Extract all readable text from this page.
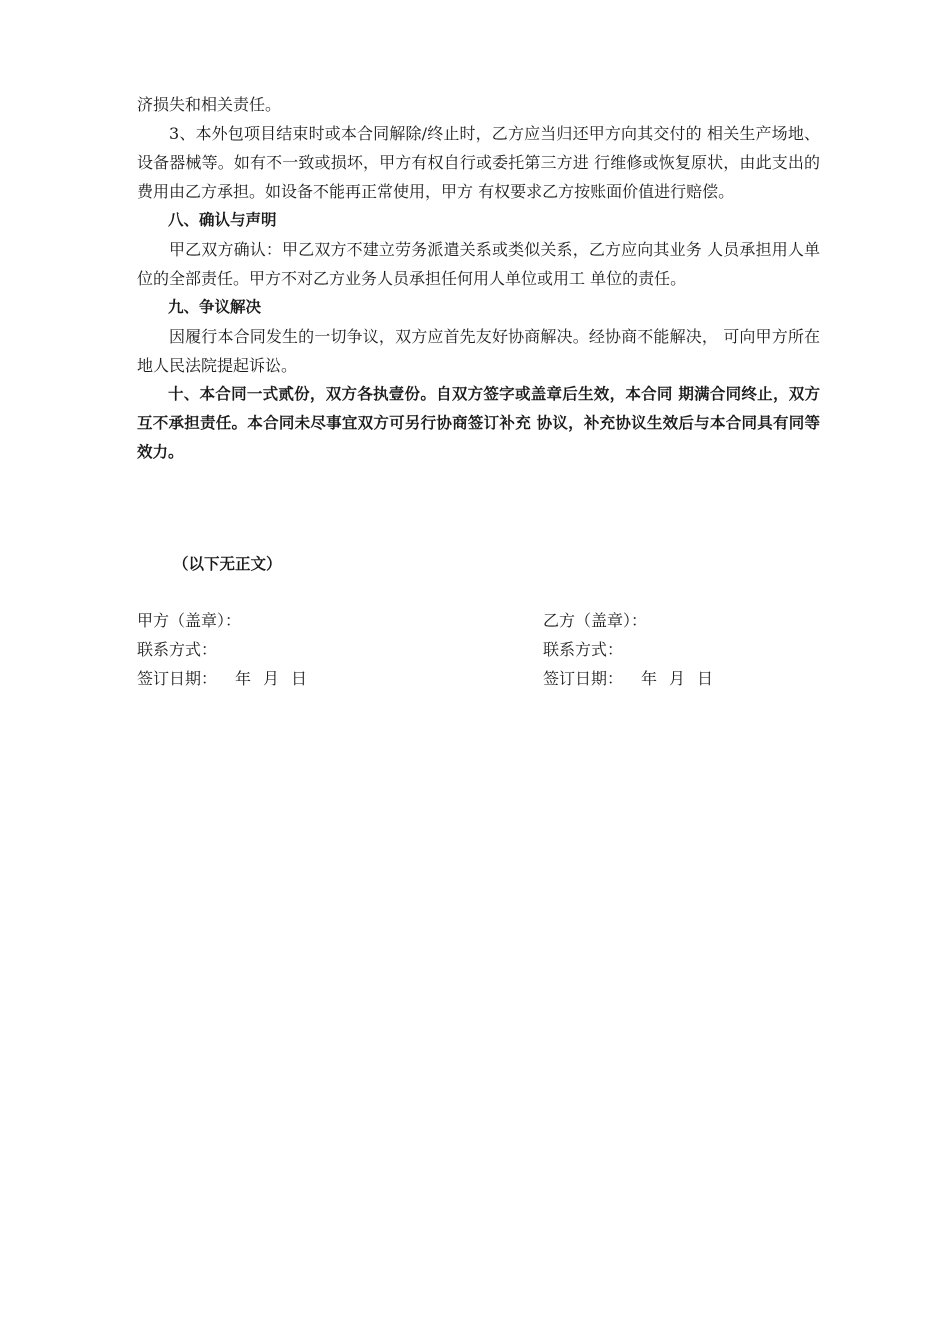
济损失和相关责任。

3、本外包项目结束时或本合同解除/终止时，乙方应当归还甲方向其交付的 相关生产场地、设备器械等。如有不一致或损坏，甲方有权自行或委托第三方进 行维修或恢复原状，由此支出的费用由乙方承担。如设备不能再正常使用，甲方 有权要求乙方按账面价值进行赔偿。

八、确认与声明

甲乙双方确认：甲乙双方不建立劳务派遣关系或类似关系，乙方应向其业务 人员承担用人单位的全部责任。甲方不对乙方业务人员承担任何用人单位或用工 单位的责任。

九、争议解决

因履行本合同发生的一切争议，双方应首先友好协商解决。经协商不能解决， 可向甲方所在地人民法院提起诉讼。

十、本合同一式贰份，双方各执壹份。自双方签字或盖章后生效，本合同 期满合同终止，双方互不承担责任。本合同未尽事宜双方可另行协商签订补充 协议，补充协议生效后与本合同具有同等效力。

（以下无正文）
甲方（盖章）：
联系方式：
签订日期： 年 月 日
乙方（盖章）：
联系方式：
签订日期： 年 月 日
